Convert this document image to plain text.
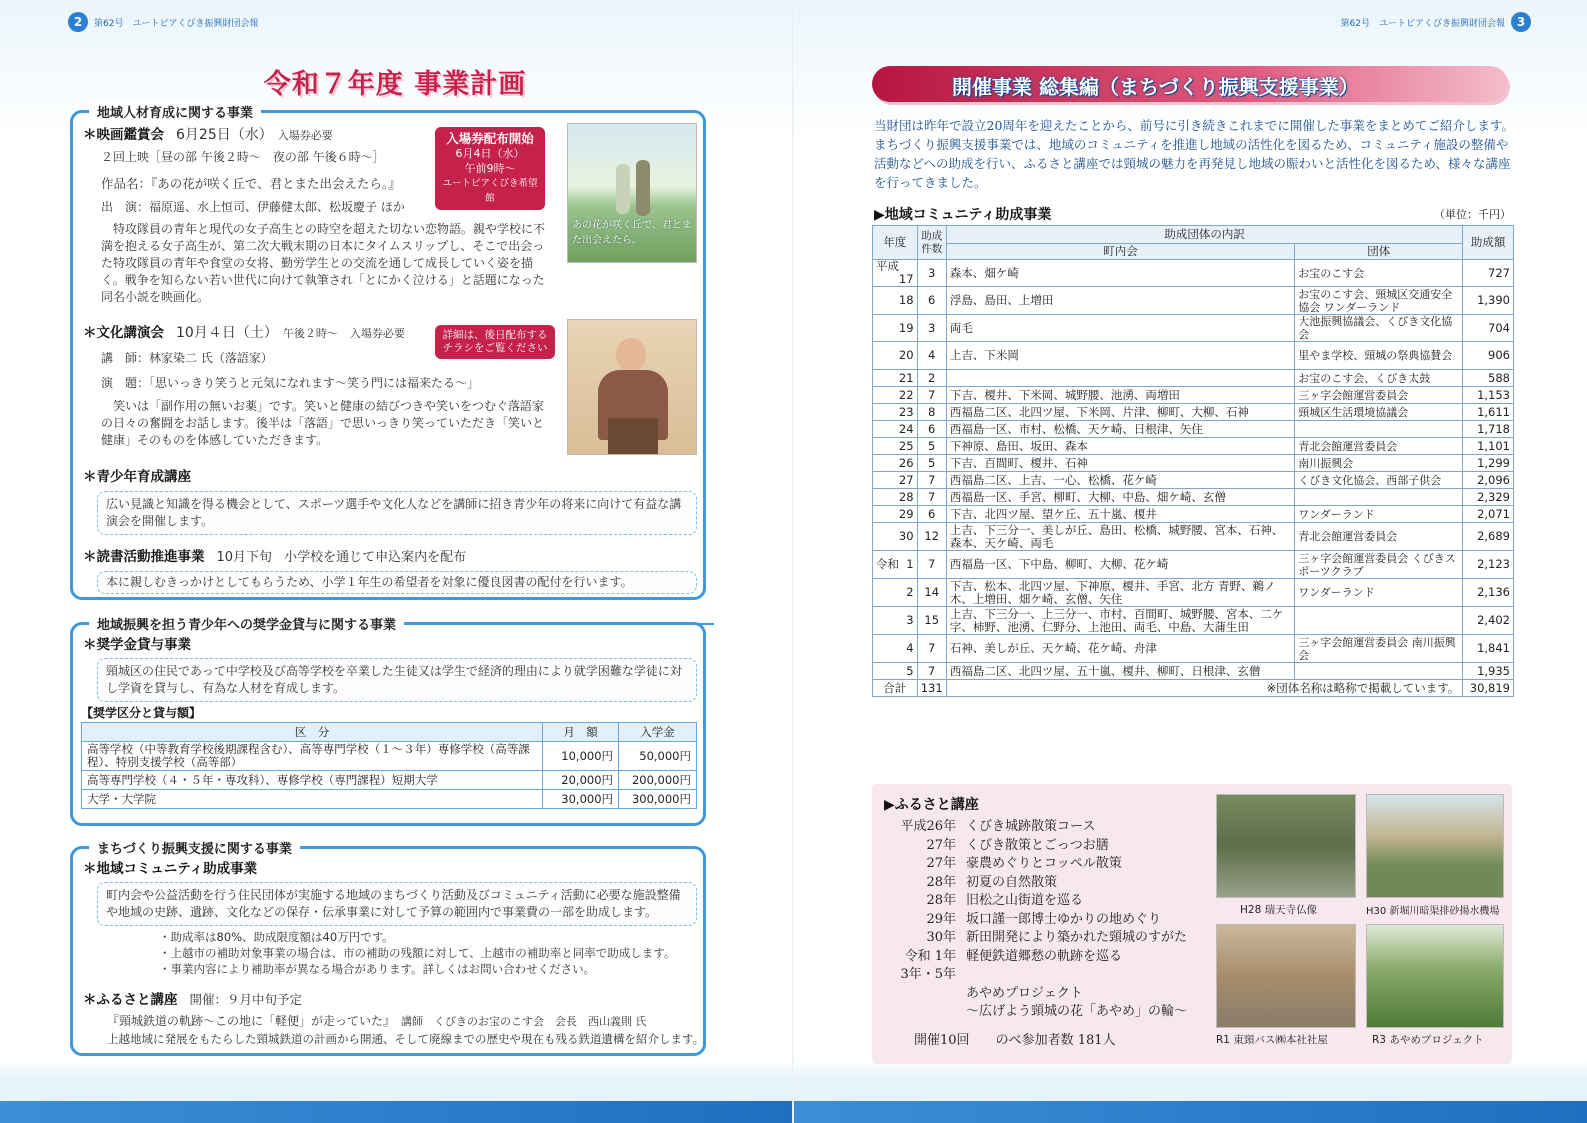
2	第62号　ユートピアくびき振興財団会報
令和７年度 事業計画
地域人材育成に関する事業
＊映画鑑賞会　 6月25日（水）　 入場券必要
２回上映［昼の部 午後２時～　夜の部 午後６時～］
作品名：『あの花が咲く丘で、君とまた出会えたら。』
出　演：福原遥、水上恒司、伊藤健太郎、松坂慶子 ほか
特攻隊員の青年と現代の女子高生との時空を超えた切ない恋物語。親や学校に不満を抱える女子高生が、第二次大戦末期の日本にタイムスリップし、そこで出会った特攻隊員の青年や食堂の女将、勤労学生との交流を通して成長していく姿を描く。戦争を知らない若い世代に向けて執筆され「とにかく泣ける」と話題になった同名小説を映画化。
入場券配布開始
6月4日（水）
午前9時～
ユートピアくびき希望館
あの花が咲く丘で、君とまた出会えたら。
＊文化講演会　 10月４日（土）　 午後２時～　 入場券必要	詳細は、後日配布するチラシをご覧ください
講　師：林家染二 氏（落語家）
演　題：「思いっきり笑うと元気になれます～笑う門には福来たる～」
笑いは「副作用の無いお薬」です。笑いと健康の結びつきや笑いをつむぐ落語家の日々の奮闘をお話します。後半は「落語」で思いっきり笑っていただき「笑いと健康」そのものを体感していただきます。
＊青少年育成講座
広い見識と知識を得る機会として、スポーツ選手や文化人などを講師に招き青少年の将来に向けて有益な講演会を開催します。
＊読書活動推進事業　 10月下旬　 小学校を通じて申込案内を配布
本に親しむきっかけとしてもらうため、小学１年生の希望者を対象に優良図書の配付を行います。
地域振興を担う青少年への奨学金貸与に関する事業
＊奨学金貸与事業
頸城区の住民であって中学校及び高等学校を卒業した生徒又は学生で経済的理由により就学困難な学徒に対し学資を貸与し、有為な人材を育成します。
【奨学区分と貸与額】
区　分	月　額	入学金
高等学校（中等教育学校後期課程含む）、高等専門学校（１～３年）専修学校（高等課程）、特別支援学校（高等部）	10,000円	50,000円
高等専門学校（４・５年・専攻科）、専修学校（専門課程）短期大学	20,000円	200,000円
大学・大学院	30,000円	300,000円
まちづくり振興支援に関する事業
＊地域コミュニティ助成事業
町内会や公益活動を行う住民団体が実施する地域のまちづくり活動及びコミュニティ活動に必要な施設整備や地域の史跡、遺跡、文化などの保存・伝承事業に対して予算の範囲内で事業費の一部を助成します。
・助成率は80%、助成限度額は40万円です。
・上越市の補助対象事業の場合は、市の補助の残額に対して、上越市の補助率と同率で助成します。
・事業内容により補助率が異なる場合があります。詳しくはお問い合わせください。
＊ふるさと講座　 開催：９月中旬予定
『頸城鉄道の軌跡～この地に「軽便」が走っていた』　 講師　くびきのお宝のこす会　会長　西山義則 氏
上越地域に発展をもたらした頸城鉄道の計画から開通、そして廃線までの歴史や現在も残る鉄道遺構を紹介します。
第62号　ユートピアくびき振興財団会報 3
開催事業 総集編（まちづくり振興支援事業）
当財団は昨年で設立20周年を迎えたことから、前号に引き続きこれまでに開催した事業をまとめてご紹介します。まちづくり振興支援事業では、地域のコミュニティを推進し地域の活性化を図るため、コミュニティ施設の整備や活動などへの助成を行い、ふるさと講座では頸城の魅力を再発見し地域の賑わいと活性化を図るため、様々な講座を行ってきました。
▶地域コミュニティ助成事業	（単位：千円）
年度	助成件数	助成団体の内訳		助成額
		町内会	団体	

平成
17	3	森本、畑ケ崎	お宝のこす会	727

18	6	浮島、島田、上増田	お宝のこす会、頸城区交通安全協会 ワンダーランド	1,390

19	3	両毛	大池振興協議会、くびき文化協会	704

20	4	上吉、下米岡	里やま学校、頸城の祭典協賛会	906

21	2		お宝のこす会、くびき太鼓	588

22	7	下吉、榎井、下米岡、城野腰、池湧、両増田	三ヶ字会館運営委員会	1,153

23	8	西福島二区、北四ツ屋、下米岡、片津、柳町、大柳、石神	頸城区生活環境協議会	1,611

24	6	西福島一区、市村、松橋、天ケ崎、日根津、矢住		1,718

25	5	下神原、島田、坂田、森本	青北会館運営委員会	1,101

26	5	下吉、百間町、榎井、石神	南川振興会	1,299

27	7	西福島二区、上吉、一心、松橋、花ケ崎	くびき文化協会、西部子供会	2,096

28	7	西福島一区、手宮、柳町、大柳、中島、畑ケ崎、玄僧		2,329

29	6	下吉、北四ツ屋、望ケ丘、五十嵐、榎井	ワンダーランド	2,071

30	12	上吉、下三分一、美しが丘、島田、松橋、城野腰、宮本、石神、森本、天ケ崎、両毛	青北会館運営委員会	2,689

令和 1	7	西福島一区、下中島、柳町、大柳、花ケ崎	三ヶ字会館運営委員会 くびきスポーツクラブ	2,123

2	14	下吉、松本、北四ツ屋、下神原、榎井、手宮、北方 青野、鵜ノ木、上増田、畑ケ崎、玄僧、矢住	ワンダーランド	2,136

3	15	上吉、下三分一、上三分一、市村、百間町、城野腰、宮本、二ケ字、柿野、池湧、仁野分、上池田、両毛、中島、大蒲生田		2,402

4	7	石神、美しが丘、天ケ崎、花ケ崎、舟津	三ヶ字会館運営委員会 南川振興会	1,841

5	7	西福島二区、北四ツ屋、五十嵐、榎井、柳町、日根津、玄僧		1,935
合計	131	※団体名称は略称で掲載しています。		30,819
▶ふるさと講座
平成26年 くびき城跡散策コース
27年 くびき散策とごっつお膳
27年 豪農めぐりとコッペル散策
28年 初夏の自然散策
28年 旧松之山街道を巡る
29年 坂口謹一郎博士ゆかりの地めぐり
30年 新田開発により築かれた頸城のすがた
令和 1年 軽便鉄道郷愁の軌跡を巡る
3年・5年
あやめプロジェクト
～広げよう頸城の花「あやめ」の輪～
開催10回　　 のべ参加者数 181人
H28 瑞天寺仏像	H30 新堀川暗渠排砂揚水機場
R1 東頸バス㈱本社社屋	R3 あやめプロジェクト
